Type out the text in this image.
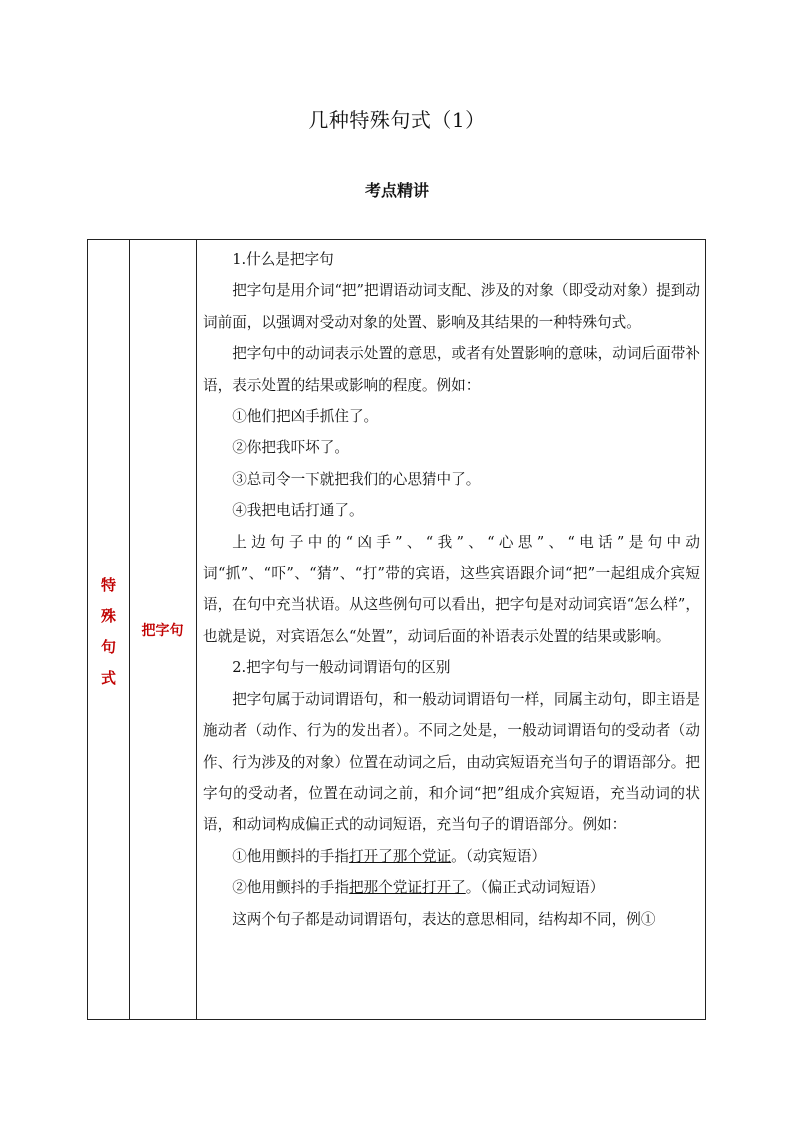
几种特殊句式（1）
考点精讲
特
殊
句
式
把字句

1.什么是把字句

把字句是用介词“把”把谓语动词支配、涉及的对象（即受动对象）提到动词前面，以强调对受动对象的处置、影响及其结果的一种特殊句式。

把字句中的动词表示处置的意思，或者有处置影响的意味，动词后面带补语，表示处置的结果或影响的程度。例如：

①他们把凶手抓住了。

②你把我吓坏了。

③总司令一下就把我们的心思猜中了。

④我把电话打通了。

上边句子中的“凶手”、“我”、“心思”、“电话”是句中动词“抓”、“吓”、“猜”、“打”带的宾语，这些宾语跟介词“把”一起组成介宾短语，在句中充当状语。从这些例句可以看出，把字句是对动词宾语“怎么样”，也就是说，对宾语怎么“处置”，动词后面的补语表示处置的结果或影响。

2.把字句与一般动词谓语句的区别

把字句属于动词谓语句，和一般动词谓语句一样，同属主动句，即主语是施动者（动作、行为的发出者）。不同之处是，一般动词谓语句的受动者（动作、行为涉及的对象）位置在动词之后，由动宾短语充当句子的谓语部分。把字句的受动者，位置在动词之前，和介词“把”组成介宾短语，充当动词的状语，和动词构成偏正式的动词短语，充当句子的谓语部分。例如：

①他用颤抖的手指打开了那个党证。（动宾短语）

②他用颤抖的手指把那个党证打开了。（偏正式动词短语）

这两个句子都是动词谓语句，表达的意思相同，结构却不同，例①
